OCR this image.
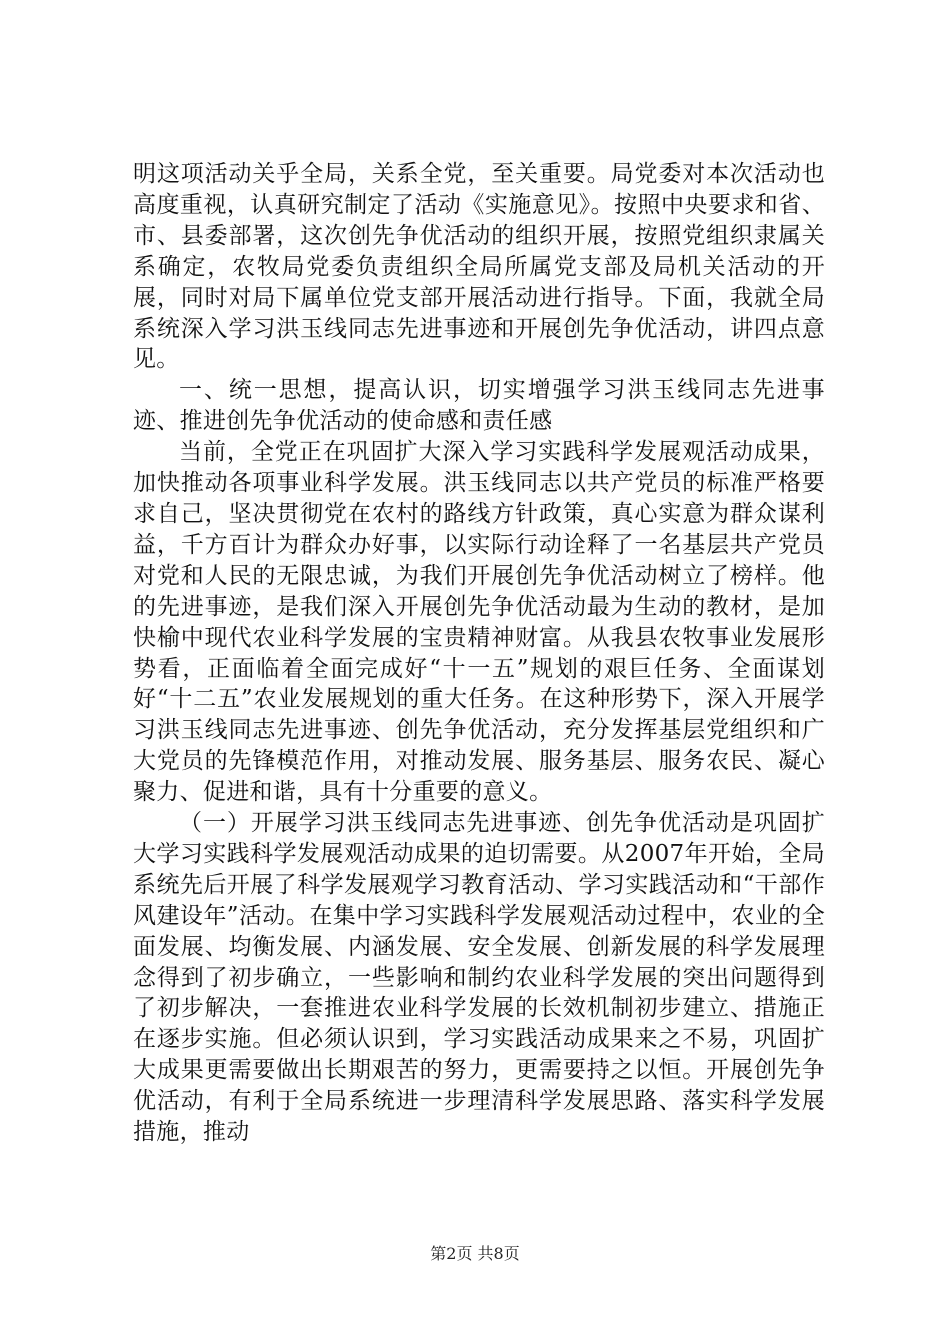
明这项活动关乎全局，关系全党，至关重要。局党委对本次活动也高度重视，认真研究制定了活动《实施意见》。按照中央要求和省、市、县委部署，这次创先争优活动的组织开展，按照党组织隶属关系确定，农牧局党委负责组织全局所属党支部及局机关活动的开展，同时对局下属单位党支部开展活动进行指导。下面，我就全局系统深入学习洪玉线同志先进事迹和开展创先争优活动，讲四点意见。

一、统一思想，提高认识，切实增强学习洪玉线同志先进事迹、推进创先争优活动的使命感和责任感

当前，全党正在巩固扩大深入学习实践科学发展观活动成果，加快推动各项事业科学发展。洪玉线同志以共产党员的标准严格要求自己，坚决贯彻党在农村的路线方针政策，真心实意为群众谋利益，千方百计为群众办好事，以实际行动诠释了一名基层共产党员对党和人民的无限忠诚，为我们开展创先争优活动树立了榜样。他的先进事迹，是我们深入开展创先争优活动最为生动的教材，是加快榆中现代农业科学发展的宝贵精神财富。从我县农牧事业发展形势看，正面临着全面完成好“十一五”规划的艰巨任务、全面谋划好“十二五”农业发展规划的重大任务。在这种形势下，深入开展学习洪玉线同志先进事迹、创先争优活动，充分发挥基层党组织和广大党员的先锋模范作用，对推动发展、服务基层、服务农民、凝心聚力、促进和谐，具有十分重要的意义。

（一）开展学习洪玉线同志先进事迹、创先争优活动是巩固扩大学习实践科学发展观活动成果的迫切需要。从2007年开始，全局系统先后开展了科学发展观学习教育活动、学习实践活动和“干部作风建设年”活动。在集中学习实践科学发展观活动过程中，农业的全面发展、均衡发展、内涵发展、安全发展、创新发展的科学发展理念得到了初步确立，一些影响和制约农业科学发展的突出问题得到了初步解决，一套推进农业科学发展的长效机制初步建立、措施正在逐步实施。但必须认识到，学习实践活动成果来之不易，巩固扩大成果更需要做出长期艰苦的努力，更需要持之以恒。开展创先争优活动，有利于全局系统进一步理清科学发展思路、落实科学发展措施，推动

第2页 共8页
